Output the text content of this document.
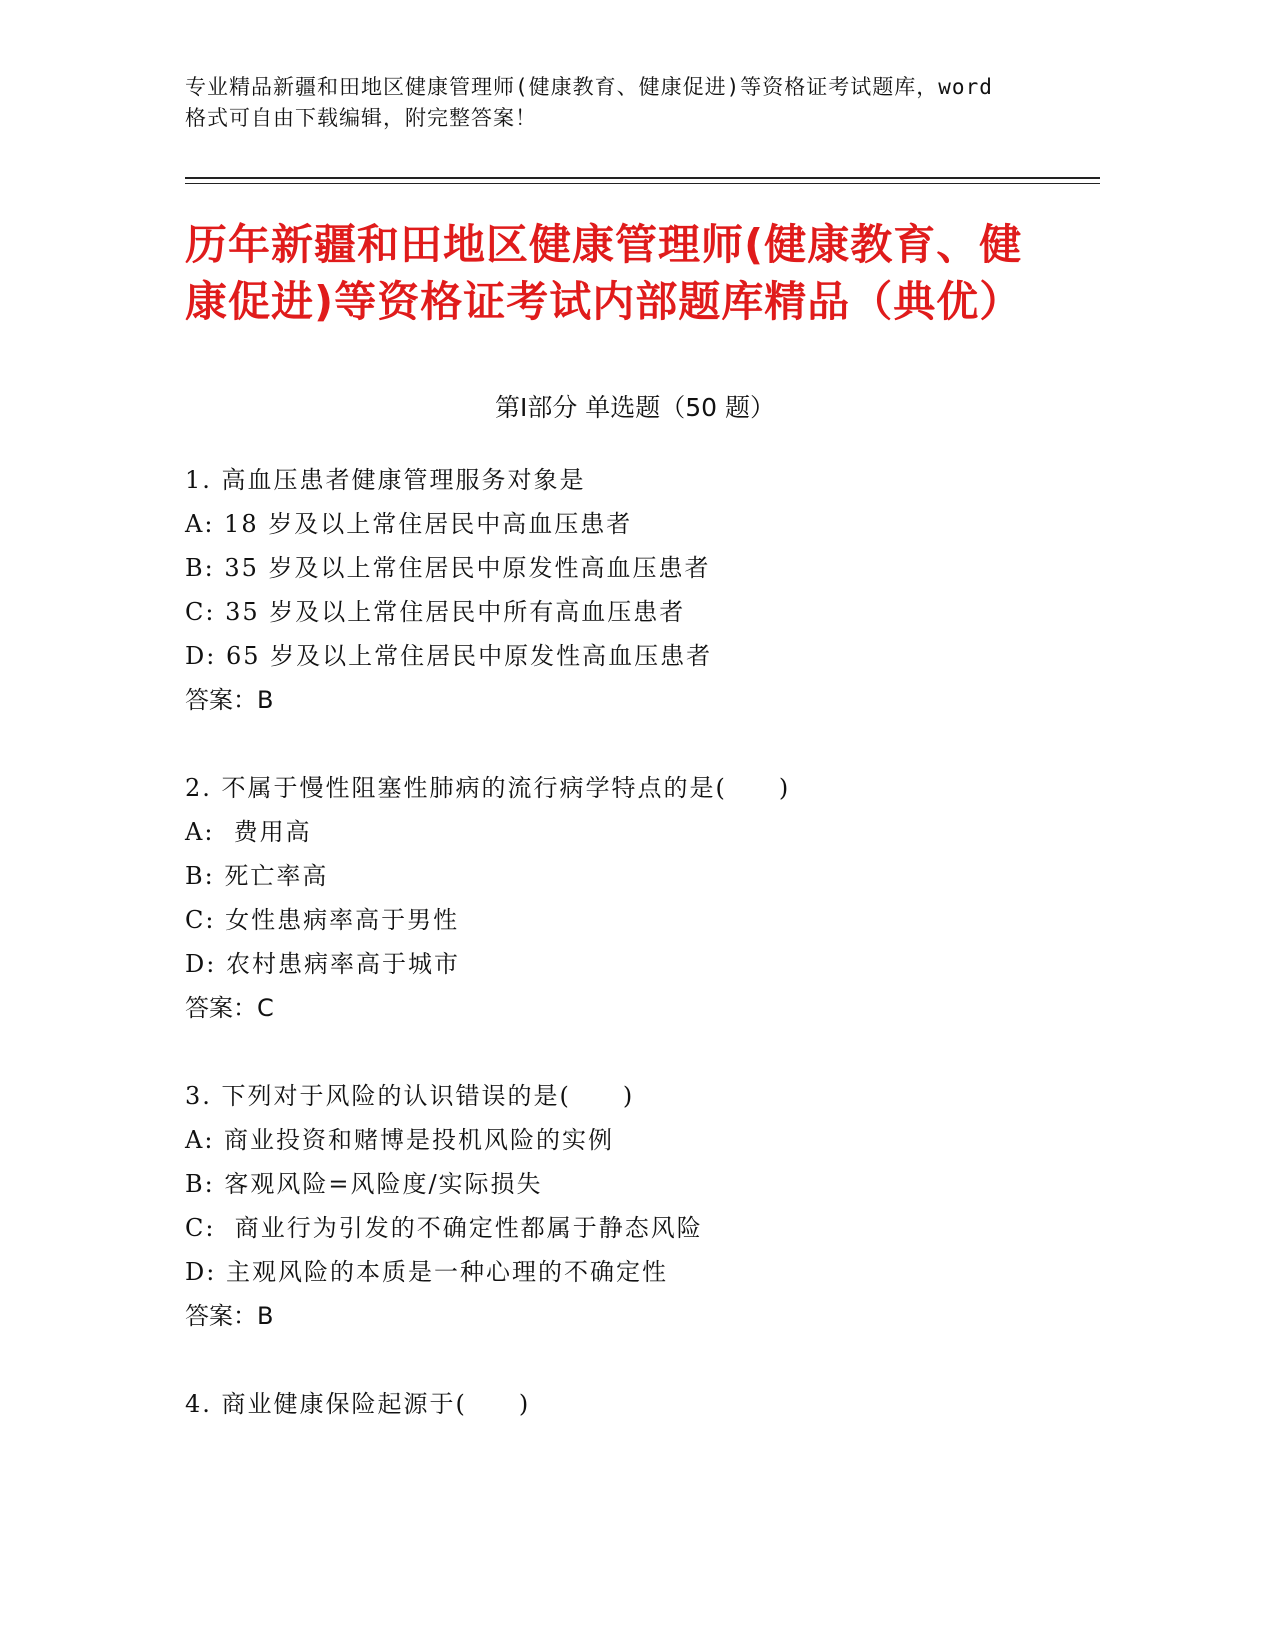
专业精品新疆和田地区健康管理师(健康教育、健康促进)等资格证考试题库，word
格式可自由下载编辑，附完整答案！
历年新疆和田地区健康管理师(健康教育、健
康促进)等资格证考试内部题库精品（典优）
第Ⅰ部分 单选题（50 题）
1. 高血压患者健康管理服务对象是
A: 18 岁及以上常住居民中高血压患者
B: 35 岁及以上常住居民中原发性高血压患者
C: 35 岁及以上常住居民中所有高血压患者
D: 65 岁及以上常住居民中原发性高血压患者
答案：B
2. 不属于慢性阻塞性肺病的流行病学特点的是(　　)
A:  费用高
B: 死亡率高
C: 女性患病率高于男性
D: 农村患病率高于城市
答案：C
3. 下列对于风险的认识错误的是(　　)
A: 商业投资和赌博是投机风险的实例
B: 客观风险=风险度/实际损失
C:  商业行为引发的不确定性都属于静态风险
D: 主观风险的本质是一种心理的不确定性
答案：B
4. 商业健康保险起源于(　　)
